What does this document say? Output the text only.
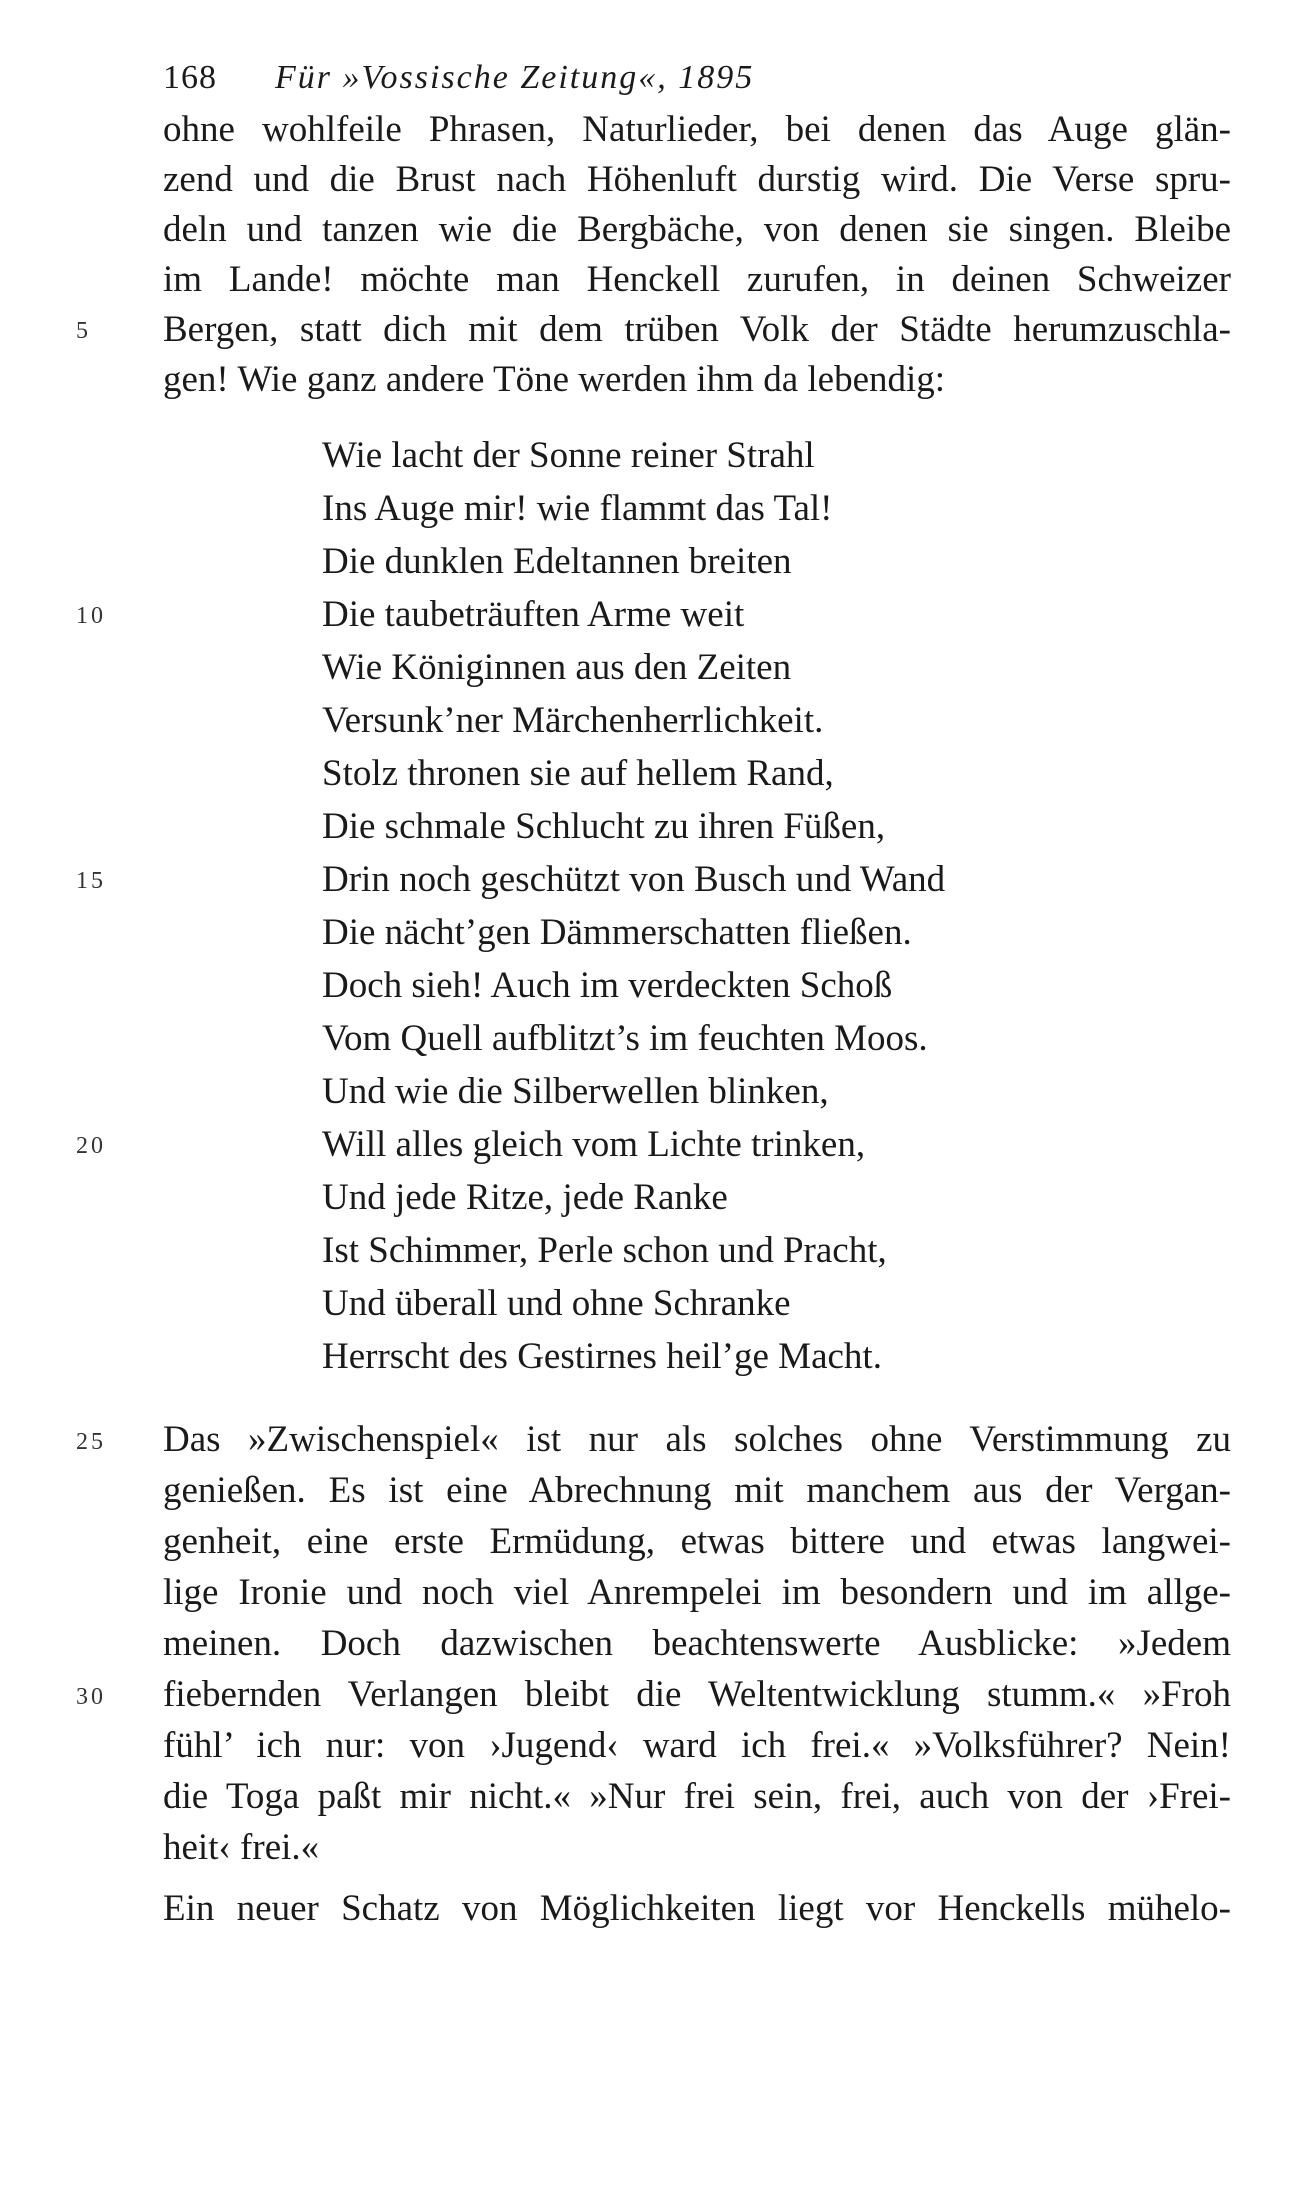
168 Für »Vossische Zeitung«, 1895
ohne wohlfeile Phrasen, Naturlieder, bei denen das Auge glän-
zend und die Brust nach Höhenluft durstig wird. Die Verse spru-
deln und tanzen wie die Bergbäche, von denen sie singen. Bleibe
im Lande! möchte man Henckell zurufen, in deinen Schweizer
Bergen, statt dich mit dem trüben Volk der Städte herumzuschla-
gen! Wie ganz andere Töne werden ihm da lebendig:
Wie lacht der Sonne reiner Strahl
Ins Auge mir! wie flammt das Tal!
Die dunklen Edeltannen breiten
Die taubeträuften Arme weit
Wie Königinnen aus den Zeiten
Versunk’ner Märchenherrlichkeit.
Stolz thronen sie auf hellem Rand,
Die schmale Schlucht zu ihren Füßen,
Drin noch geschützt von Busch und Wand
Die nächt’gen Dämmerschatten fließen.
Doch sieh! Auch im verdeckten Schoß
Vom Quell aufblitzt’s im feuchten Moos.
Und wie die Silberwellen blinken,
Will alles gleich vom Lichte trinken,
Und jede Ritze, jede Ranke
Ist Schimmer, Perle schon und Pracht,
Und überall und ohne Schranke
Herrscht des Gestirnes heil’ge Macht.
Das »Zwischenspiel« ist nur als solches ohne Verstimmung zu
genießen. Es ist eine Abrechnung mit manchem aus der Vergan-
genheit, eine erste Ermüdung, etwas bittere und etwas langwei-
lige Ironie und noch viel Anrempelei im besondern und im allge-
meinen. Doch dazwischen beachtenswerte Ausblicke: »Jedem
fiebernden Verlangen bleibt die Weltentwicklung stumm.« »Froh
fühl’ ich nur: von ›Jugend‹ ward ich frei.« »Volksführer? Nein!
die Toga paßt mir nicht.« »Nur frei sein, frei, auch von der ›Frei-
heit‹ frei.«
Ein neuer Schatz von Möglichkeiten liegt vor Henckells mühelo-
5
10
15
20
25
30
